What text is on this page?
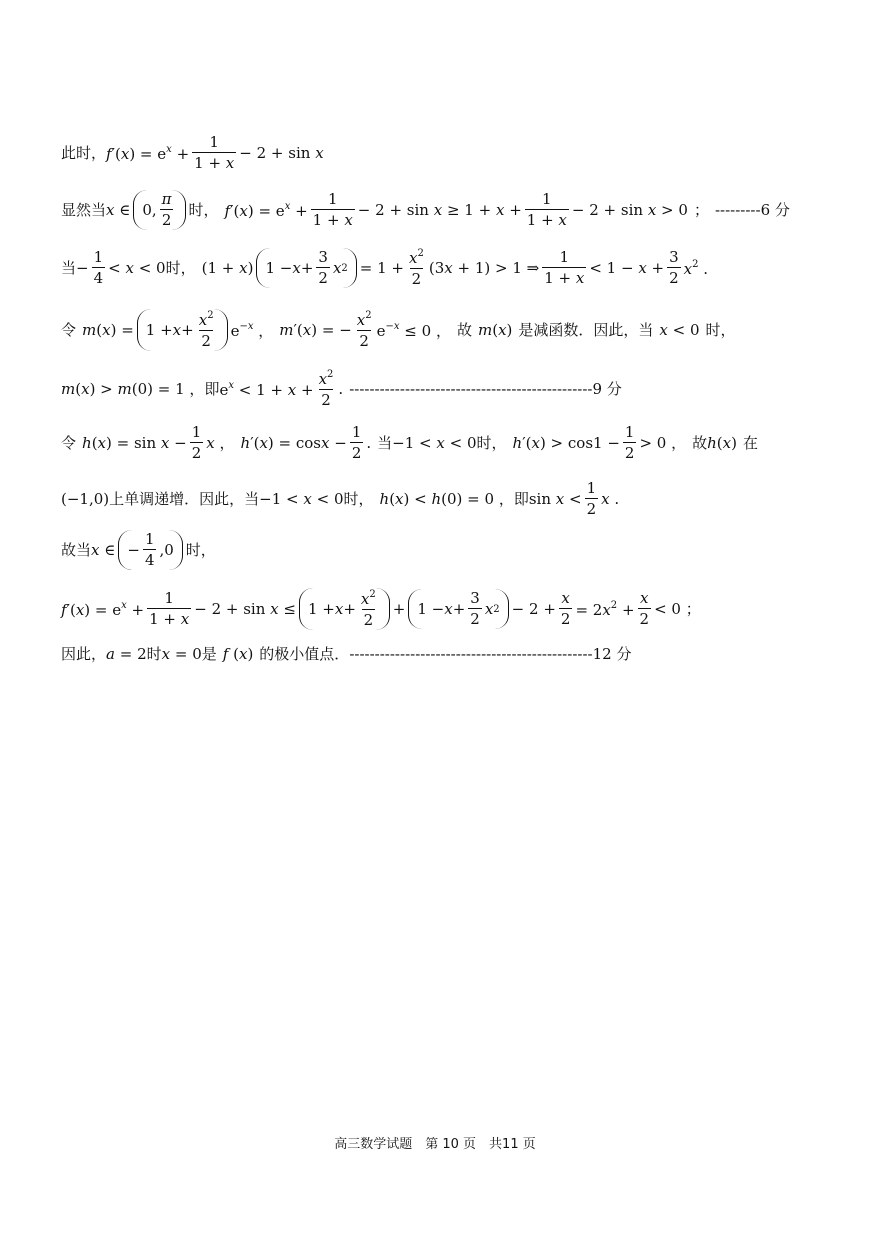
此时， $f'(x) = e^x + \frac{1}{1 + x} - 2 + \sin x$
显然当 x ∈ 0, $\frac{\pi}{2}$ 时， $f'(x) = e^x + \frac{1}{1 + x} - 2 + \sin x \ge 1 + x + \frac{1}{1 + x} - 2 + \sin x > 0$ ； ---------6 分
当 − $\frac{1}{4} < x < 0$ 时， (1 + x) $1 - x + \frac{3}{2}$ x $2 = 1 + \frac{x^2}{2} (3x + 1) > 1$ ⇒ $\frac{1}{1 + x} < 1 - x + \frac{3}{2} x^2$ .
令 $m(x) = 1 + x + \frac{x^2}{2} e^{-x}$ ， m′(x) = − $\frac{x^2}{2} e^{-x} \le 0$ ， 故 m(x) 是减函数．因此，当 x < 0 时，
m(x) > m(0) = 1 ， 即 $e^x < 1 + x + \frac{x^2}{2}$ . ------------------------------------------------9 分
令 $h(x) = \sin x - \frac{1}{2}$ x ， $h'(x) = \cos x - \frac{1}{2}$ . 当 −1 < x < 0 时， $h'(x) > \cos 1 - \frac{1}{2} > 0$ ， 故 h(x) 在
(−1,0) 上单调递增．因此，当 −1 < x < 0 时， h(x) < h(0) = 0 ， 即 $\sin x < \frac{1}{2}$ x .
故当 x ∈ − $\frac{1}{4} ,0$ 时，
$f'(x) = e^x + \frac{1}{1 + x} - 2 + \sin x \le 1 + x + \frac{x^2}{2} + 1 - x + \frac{3}{2}$ x $2 - 2 + \frac{x}{2} = 2x^2 + \frac{x}{2} < 0$ ；
因此， a = 2 时 x = 0 是 f (x) 的极小值点． ------------------------------------------------12 分
高三数学试题　第 10 页　共11 页
